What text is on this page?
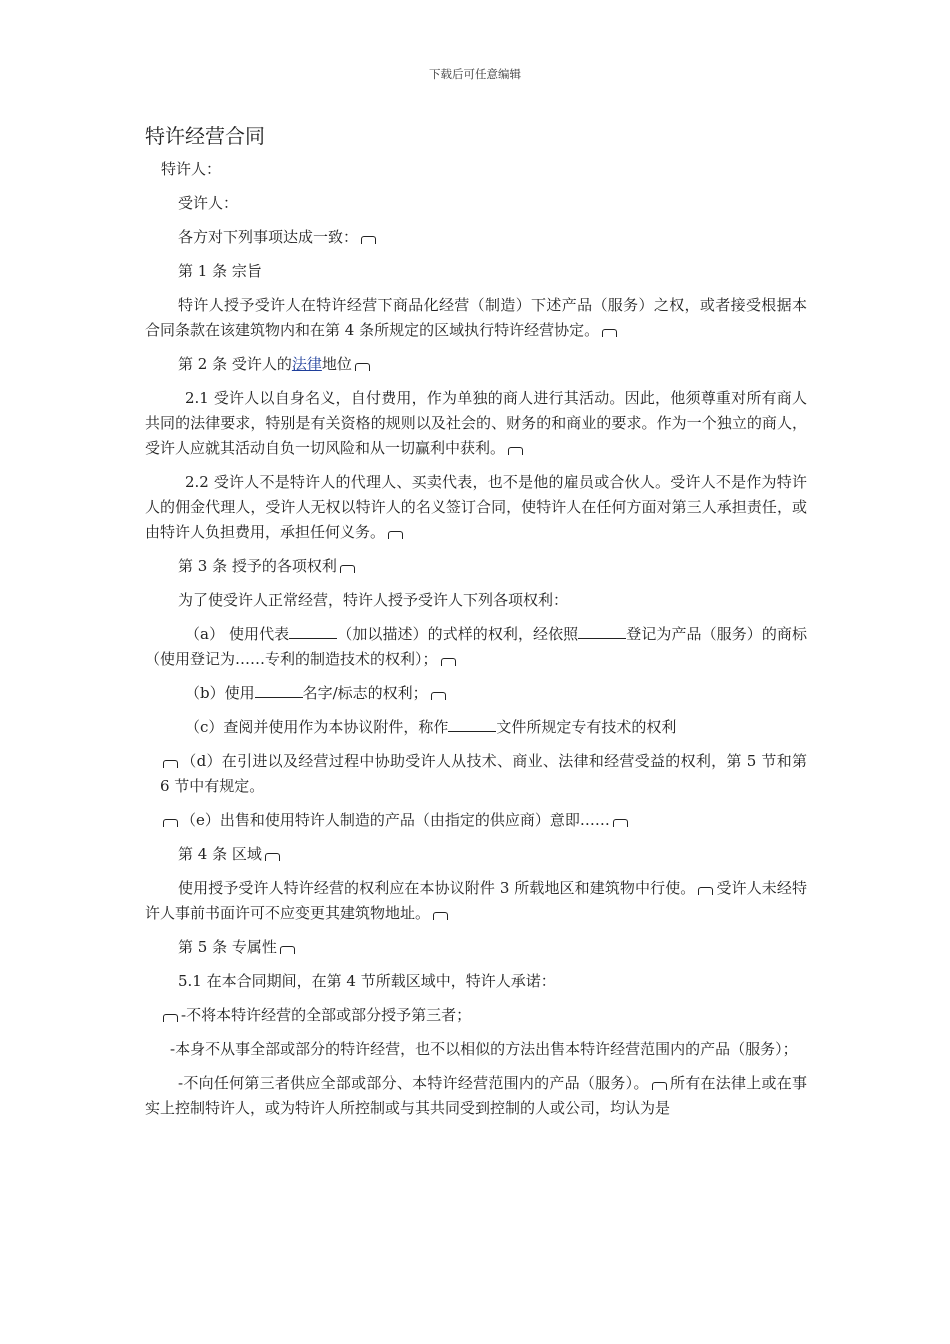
下载后可任意编辑
特许经营合同

特许人：

受许人：

各方对下列事项达成一致：

第 1 条 宗旨

特许人授予受许人在特许经营下商品化经营（制造）下述产品（服务）之权，或者接受根据本合同条款在该建筑物内和在第 4 条所规定的区域执行特许经营协定。

第 2 条 受许人的法律地位

2.1 受许人以自身名义，自付费用，作为单独的商人进行其活动。因此，他须尊重对所有商人共同的法律要求，特别是有关资格的规则以及社会的、财务的和商业的要求。作为一个独立的商人，受许人应就其活动自负一切风险和从一切赢利中获利。

2.2 受许人不是特许人的代理人、买卖代表，也不是他的雇员或合伙人。受许人不是作为特许人的佣金代理人，受许人无权以特许人的名义签订合同，使特许人在任何方面对第三人承担责任，或由特许人负担费用，承担任何义务。

第 3 条 授予的各项权利

为了使受许人正常经营，特许人授予受许人下列各项权利：

（a） 使用代表	（加以描述）的式样的权利，经依照	登记为产品（服务）的商标（使用登记为……专利的制造技术的权利）；

（b）使用	名字/标志的权利；

（c）查阅并使用作为本协议附件，称作	文件所规定专有技术的权利

（d）在引进以及经营过程中协助受许人从技术、商业、法律和经营受益的权利，第 5 节和第 6 节中有规定。

（e）出售和使用特许人制造的产品（由指定的供应商）意即……

第 4 条 区域

使用授予受许人特许经营的权利应在本协议附件 3 所载地区和建筑物中行使。 受许人未经特许人事前书面许可不应变更其建筑物地址。

第 5 条 专属性

5.1 在本合同期间，在第 4 节所载区域中，特许人承诺：

-不将本特许经营的全部或部分授予第三者；

-本身不从事全部或部分的特许经营，也不以相似的方法出售本特许经营范围内的产品（服务）；

-不向任何第三者供应全部或部分、本特许经营范围内的产品（服务）。 所有在法律上或在事实上控制特许人，或为特许人所控制或与其共同受到控制的人或公司，均认为是
